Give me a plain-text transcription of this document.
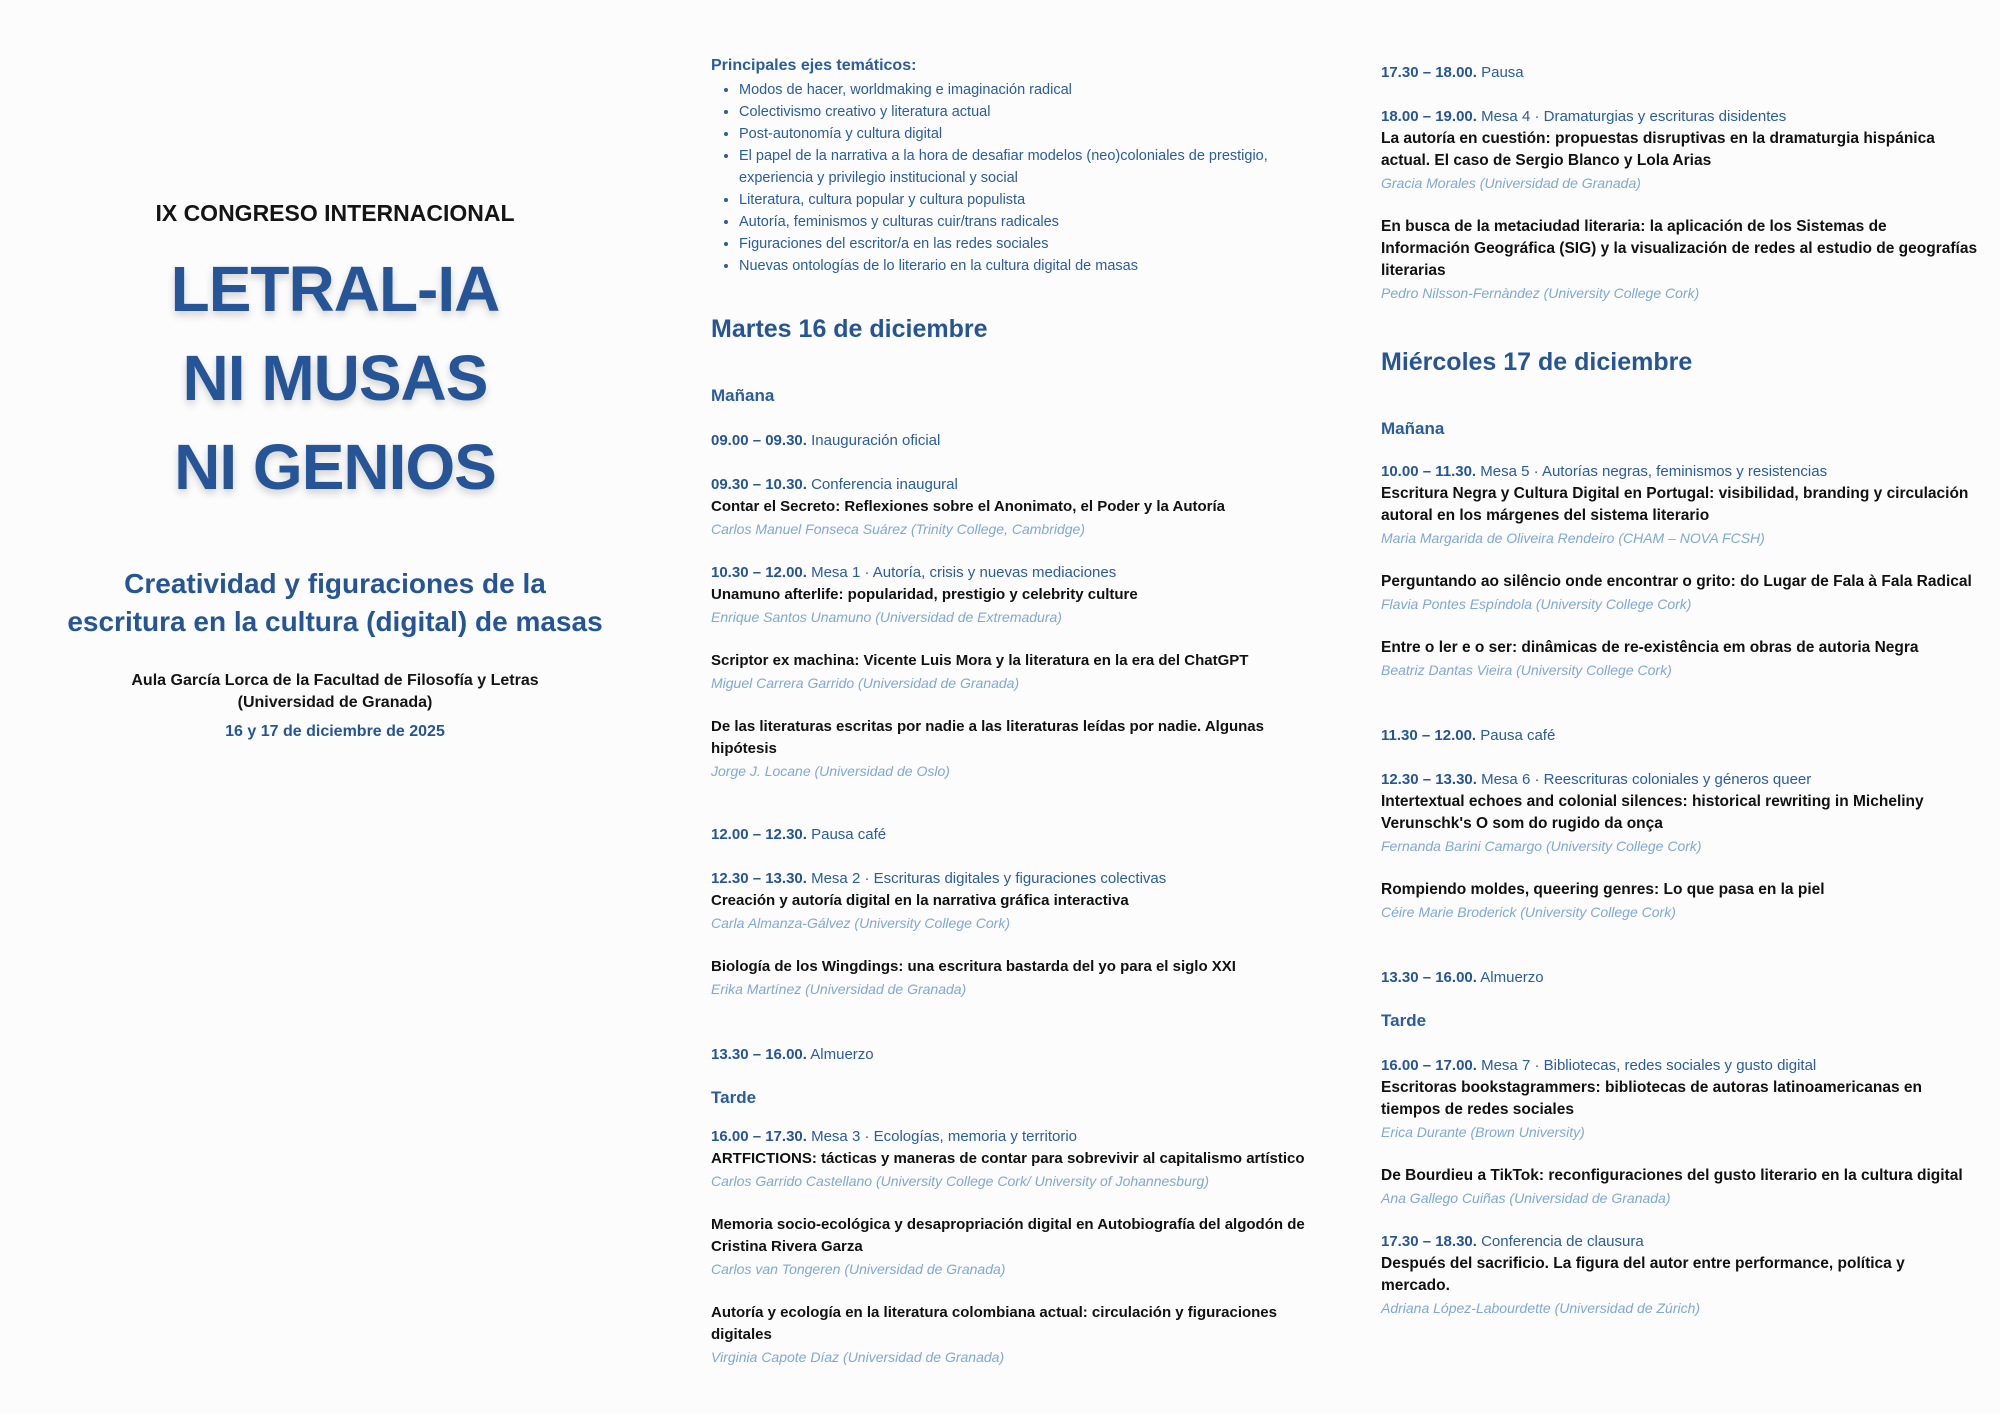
IX CONGRESO INTERNACIONAL
LETRAL-IA
NI MUSAS
NI GENIOS
Creatividad y figuraciones de la
escritura en la cultura (digital) de masas
Aula García Lorca de la Facultad de Filosofía y Letras
(Universidad de Granada)
16 y 17 de diciembre de 2025
Principales ejes temáticos:
• Modos de hacer, worldmaking e imaginación radical
• Colectivismo creativo y literatura actual
• Post-autonomía y cultura digital
• El papel de la narrativa a la hora de desafiar modelos (neo)coloniales de prestigio, experiencia y privilegio institucional y social
• Literatura, cultura popular y cultura populista
• Autoría, feminismos y culturas cuir/trans radicales
• Figuraciones del escritor/a en las redes sociales
• Nuevas ontologías de lo literario en la cultura digital de masas
Martes 16 de diciembre
Mañana
09.00 – 09.30. Inauguración oficial
09.30 – 10.30. Conferencia inaugural
Contar el Secreto: Reflexiones sobre el Anonimato, el Poder y la Autoría
Carlos Manuel Fonseca Suárez (Trinity College, Cambridge)
10.30 – 12.00. Mesa 1 · Autoría, crisis y nuevas mediaciones
Unamuno afterlife: popularidad, prestigio y celebrity culture
Enrique Santos Unamuno (Universidad de Extremadura)
Scriptor ex machina: Vicente Luis Mora y la literatura en la era del ChatGPT
Miguel Carrera Garrido (Universidad de Granada)
De las literaturas escritas por nadie a las literaturas leídas por nadie. Algunas hipótesis
Jorge J. Locane (Universidad de Oslo)
12.00 – 12.30. Pausa café
12.30 – 13.30. Mesa 2 · Escrituras digitales y figuraciones colectivas
Creación y autoría digital en la narrativa gráfica interactiva
Carla Almanza-Gálvez (University College Cork)
Biología de los Wingdings: una escritura bastarda del yo para el siglo XXI
Erika Martínez (Universidad de Granada)
13.30 – 16.00. Almuerzo
Tarde
16.00 – 17.30. Mesa 3 · Ecologías, memoria y territorio
ARTFICTIONS: tácticas y maneras de contar para sobrevivir al capitalismo artístico
Carlos Garrido Castellano (University College Cork/ University of Johannesburg)
Memoria socio-ecológica y desapropriación digital en Autobiografía del algodón de
Cristina Rivera Garza
Carlos van Tongeren (Universidad de Granada)
Autoría y ecología en la literatura colombiana actual: circulación y figuraciones digitales
Virginia Capote Díaz (Universidad de Granada)
17.30 – 18.00. Pausa
18.00 – 19.00. Mesa 4 · Dramaturgias y escrituras disidentes
La autoría en cuestión: propuestas disruptivas en la dramaturgia hispánica
actual. El caso de Sergio Blanco y Lola Arias
Gracia Morales (Universidad de Granada)
En busca de la metaciudad literaria: la aplicación de los Sistemas de
Información Geográfica (SIG) y la visualización de redes al estudio de geografías
literarias
Pedro Nilsson-Fernàndez (University College Cork)
Miércoles 17 de diciembre
Mañana
10.00 – 11.30. Mesa 5 · Autorías negras, feminismos y resistencias
Escritura Negra y Cultura Digital en Portugal: visibilidad, branding y circulación
autoral en los márgenes del sistema literario
Maria Margarida de Oliveira Rendeiro (CHAM – NOVA FCSH)
Perguntando ao silêncio onde encontrar o grito: do Lugar de Fala à Fala Radical
Flavia Pontes Espíndola (University College Cork)
Entre o ler e o ser: dinâmicas de re-existência em obras de autoria Negra
Beatriz Dantas Vieira (University College Cork)
11.30 – 12.00. Pausa café
12.30 – 13.30. Mesa 6 · Reescrituras coloniales y géneros queer
Intertextual echoes and colonial silences: historical rewriting in Micheliny
Verunschk's O som do rugido da onça
Fernanda Barini Camargo (University College Cork)
Rompiendo moldes, queering genres: Lo que pasa en la piel
Céire Marie Broderick (University College Cork)
13.30 – 16.00. Almuerzo
Tarde
16.00 – 17.00. Mesa 7 · Bibliotecas, redes sociales y gusto digital
Escritoras bookstagrammers: bibliotecas de autoras latinoamericanas en
tiempos de redes sociales
Erica Durante (Brown University)
De Bourdieu a TikTok: reconfiguraciones del gusto literario en la cultura digital
Ana Gallego Cuiñas (Universidad de Granada)
17.30 – 18.30. Conferencia de clausura
Después del sacrificio. La figura del autor entre performance, política y
mercado.
Adriana López-Labourdette (Universidad de Zúrich)
